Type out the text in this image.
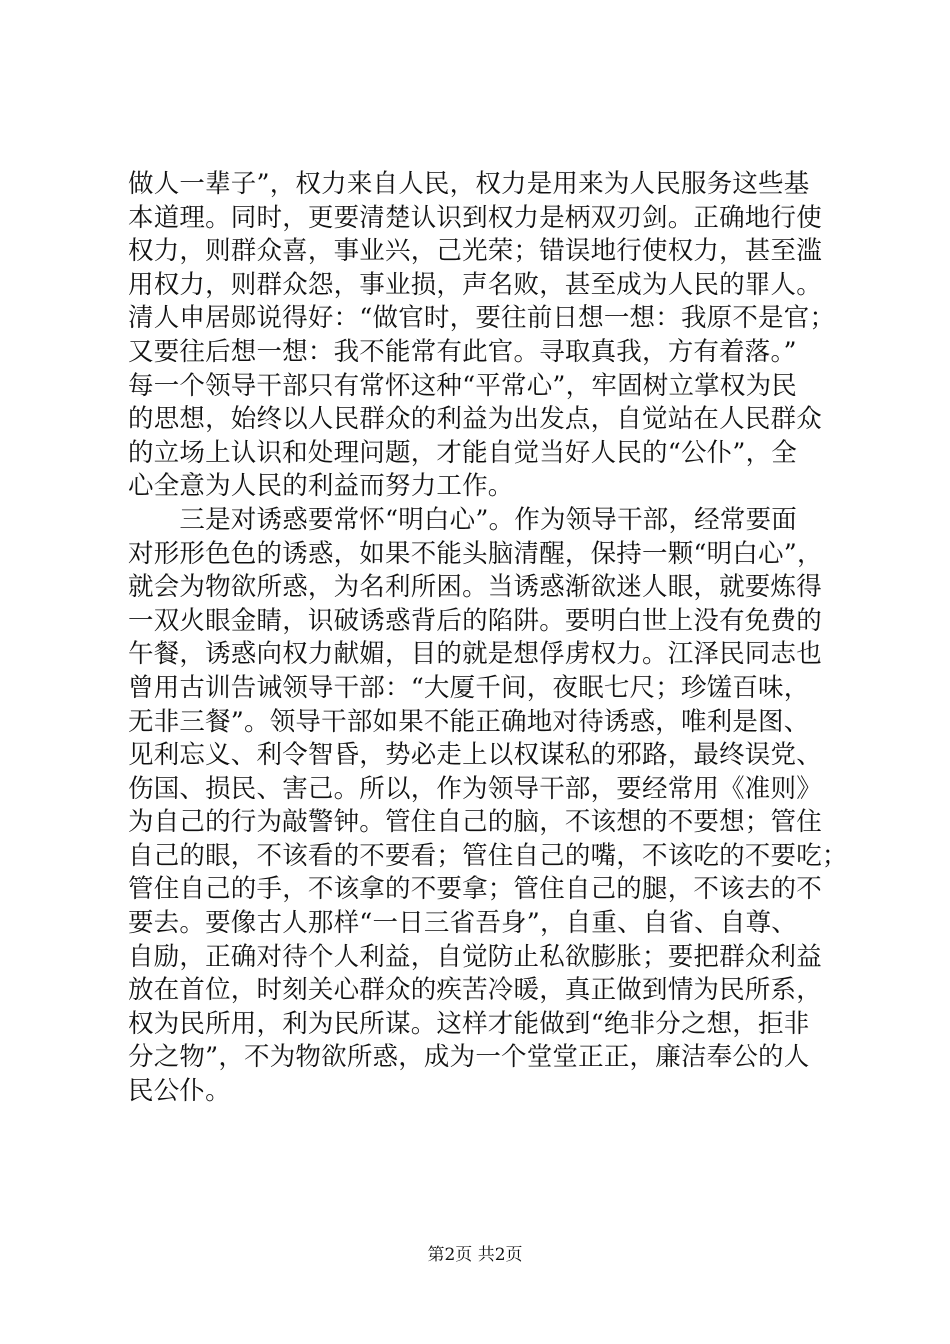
做人一辈子”，权力来自人民，权力是用来为人民服务这些基
本道理。同时，更要清楚认识到权力是柄双刃剑。正确地行使
权力，则群众喜，事业兴，己光荣；错误地行使权力，甚至滥
用权力，则群众怨，事业损，声名败，甚至成为人民的罪人。
清人申居郧说得好：“做官时，要往前日想一想：我原不是官；
又要往后想一想：我不能常有此官。寻取真我，方有着落。”
每一个领导干部只有常怀这种“平常心”，牢固树立掌权为民
的思想，始终以人民群众的利益为出发点，自觉站在人民群众
的立场上认识和处理问题，才能自觉当好人民的“公仆”，全
心全意为人民的利益而努力工作。
　　三是对诱惑要常怀“明白心”。作为领导干部，经常要面
对形形色色的诱惑，如果不能头脑清醒，保持一颗“明白心”，
就会为物欲所惑，为名利所困。当诱惑渐欲迷人眼，就要炼得
一双火眼金睛，识破诱惑背后的陷阱。要明白世上没有免费的
午餐，诱惑向权力献媚，目的就是想俘虏权力。江泽民同志也
曾用古训告诫领导干部：“大厦千间，夜眠七尺；珍馐百味，
无非三餐”。领导干部如果不能正确地对待诱惑，唯利是图、
见利忘义、利令智昏，势必走上以权谋私的邪路，最终误党、
伤国、损民、害己。所以，作为领导干部，要经常用《准则》
为自己的行为敲警钟。管住自己的脑，不该想的不要想；管住
自己的眼，不该看的不要看；管住自己的嘴，不该吃的不要吃；
管住自己的手，不该拿的不要拿；管住自己的腿，不该去的不
要去。要像古人那样“一日三省吾身”，自重、自省、自尊、
自励，正确对待个人利益，自觉防止私欲膨胀；要把群众利益
放在首位，时刻关心群众的疾苦冷暖，真正做到情为民所系，
权为民所用，利为民所谋。这样才能做到“绝非分之想，拒非
分之物”，不为物欲所惑，成为一个堂堂正正，廉洁奉公的人
民公仆。
第2页 共2页
